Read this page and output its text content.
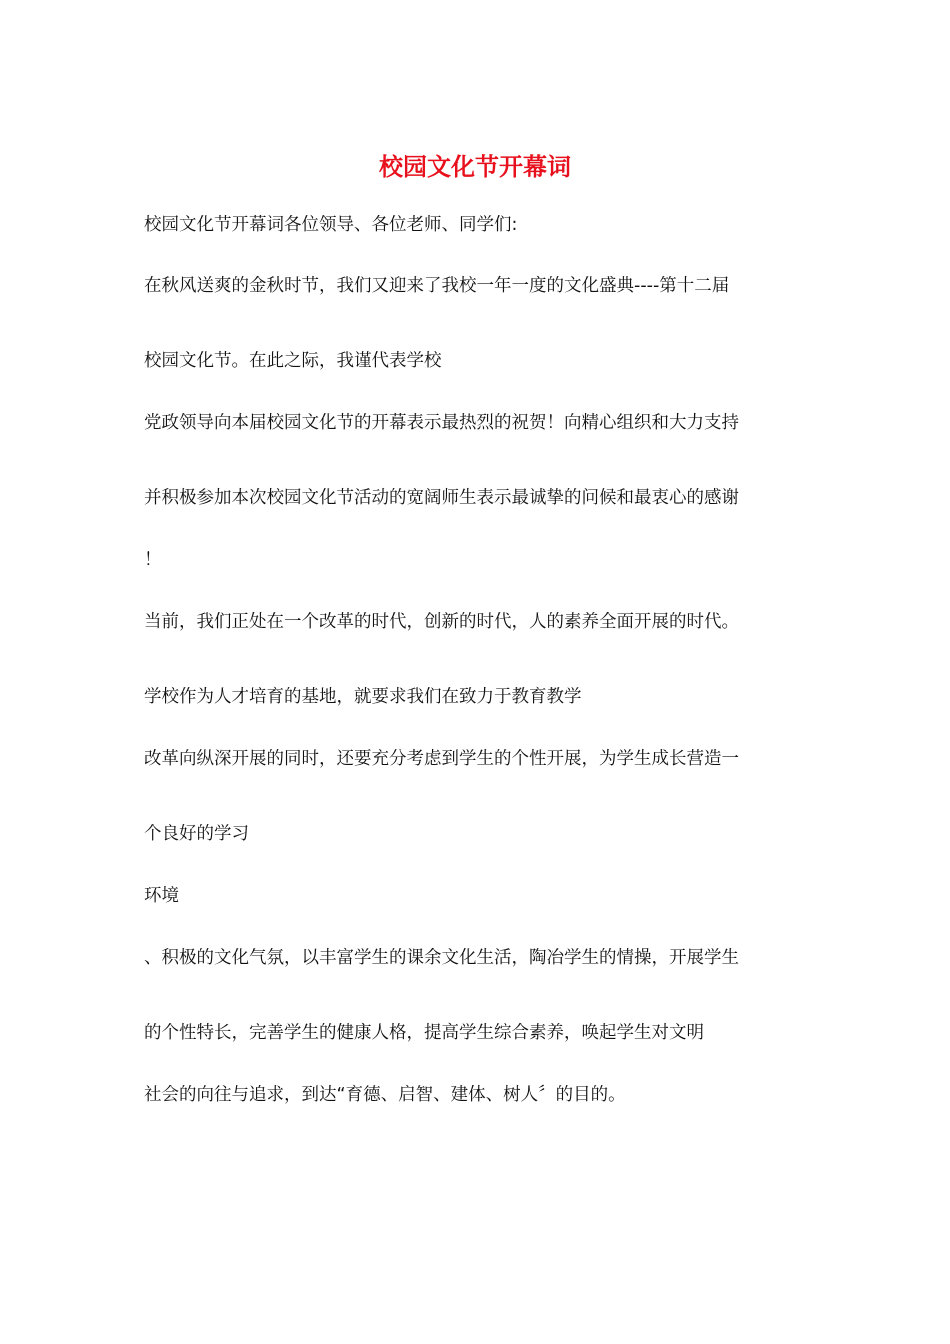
校园文化节开幕词

校园文化节开幕词各位领导、各位老师、同学们:

在秋风送爽的金秋时节，我们又迎来了我校一年一度的文化盛典----第十二届

校园文化节。在此之际，我谨代表学校

党政领导向本届校园文化节的开幕表示最热烈的祝贺！向精心组织和大力支持

并积极参加本次校园文化节活动的宽阔师生表示最诚挚的问候和最衷心的感谢

！

当前，我们正处在一个改革的时代，创新的时代，人的素养全面开展的时代。

学校作为人才培育的基地，就要求我们在致力于教育教学

改革向纵深开展的同时，还要充分考虑到学生的个性开展，为学生成长营造一

个良好的学习

环境

、积极的文化气氛，以丰富学生的课余文化生活，陶冶学生的情操，开展学生

的个性特长，完善学生的健康人格，提高学生综合素养，唤起学生对文明

社会的向往与追求，到达“育德、启智、建体、树人〞的目的。
